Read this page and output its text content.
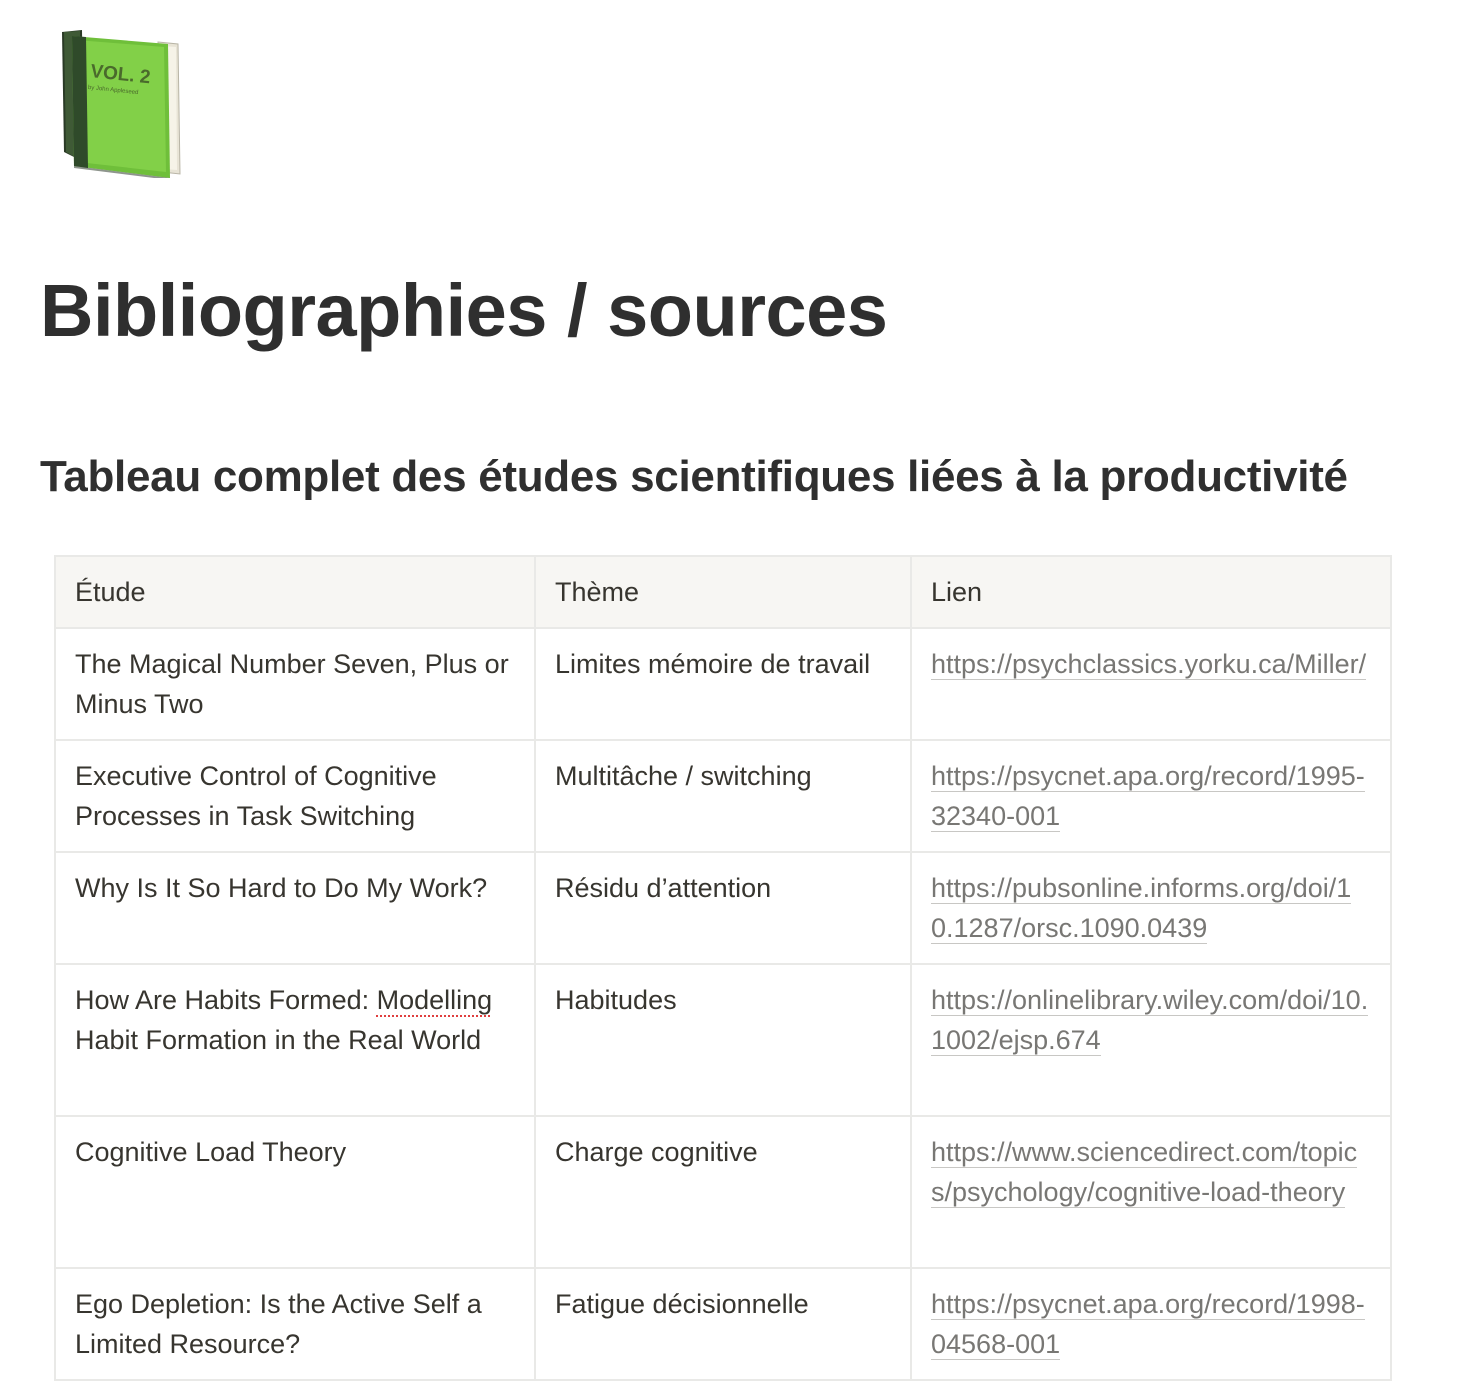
VOL. 2
by John Appleseed
Bibliographies / sources
Tableau complet des études scientifiques liées à la productivité
Étude	Thème	Lien
The Magical Number Seven, Plus or Minus Two	Limites mémoire de travail	https://psychclassics.yorku.ca/Miller/
Executive Control of Cognitive Processes in Task Switching	Multitâche / switching	https://psycnet.apa.org/record/1995-32340-001
Why Is It So Hard to Do My Work?	Résidu d’attention	https://pubsonline.informs.org/doi/10.1287/orsc.1090.0439
How Are Habits Formed: Modelling Habit Formation in the Real World	Habitudes	https://onlinelibrary.wiley.com/doi/10.1002/ejsp.674
Cognitive Load Theory	Charge cognitive	https://www.sciencedirect.com/topics/psychology/cognitive-load-theory
Ego Depletion: Is the Active Self a Limited Resource?	Fatigue décisionnelle	https://psycnet.apa.org/record/1998-04568-001
